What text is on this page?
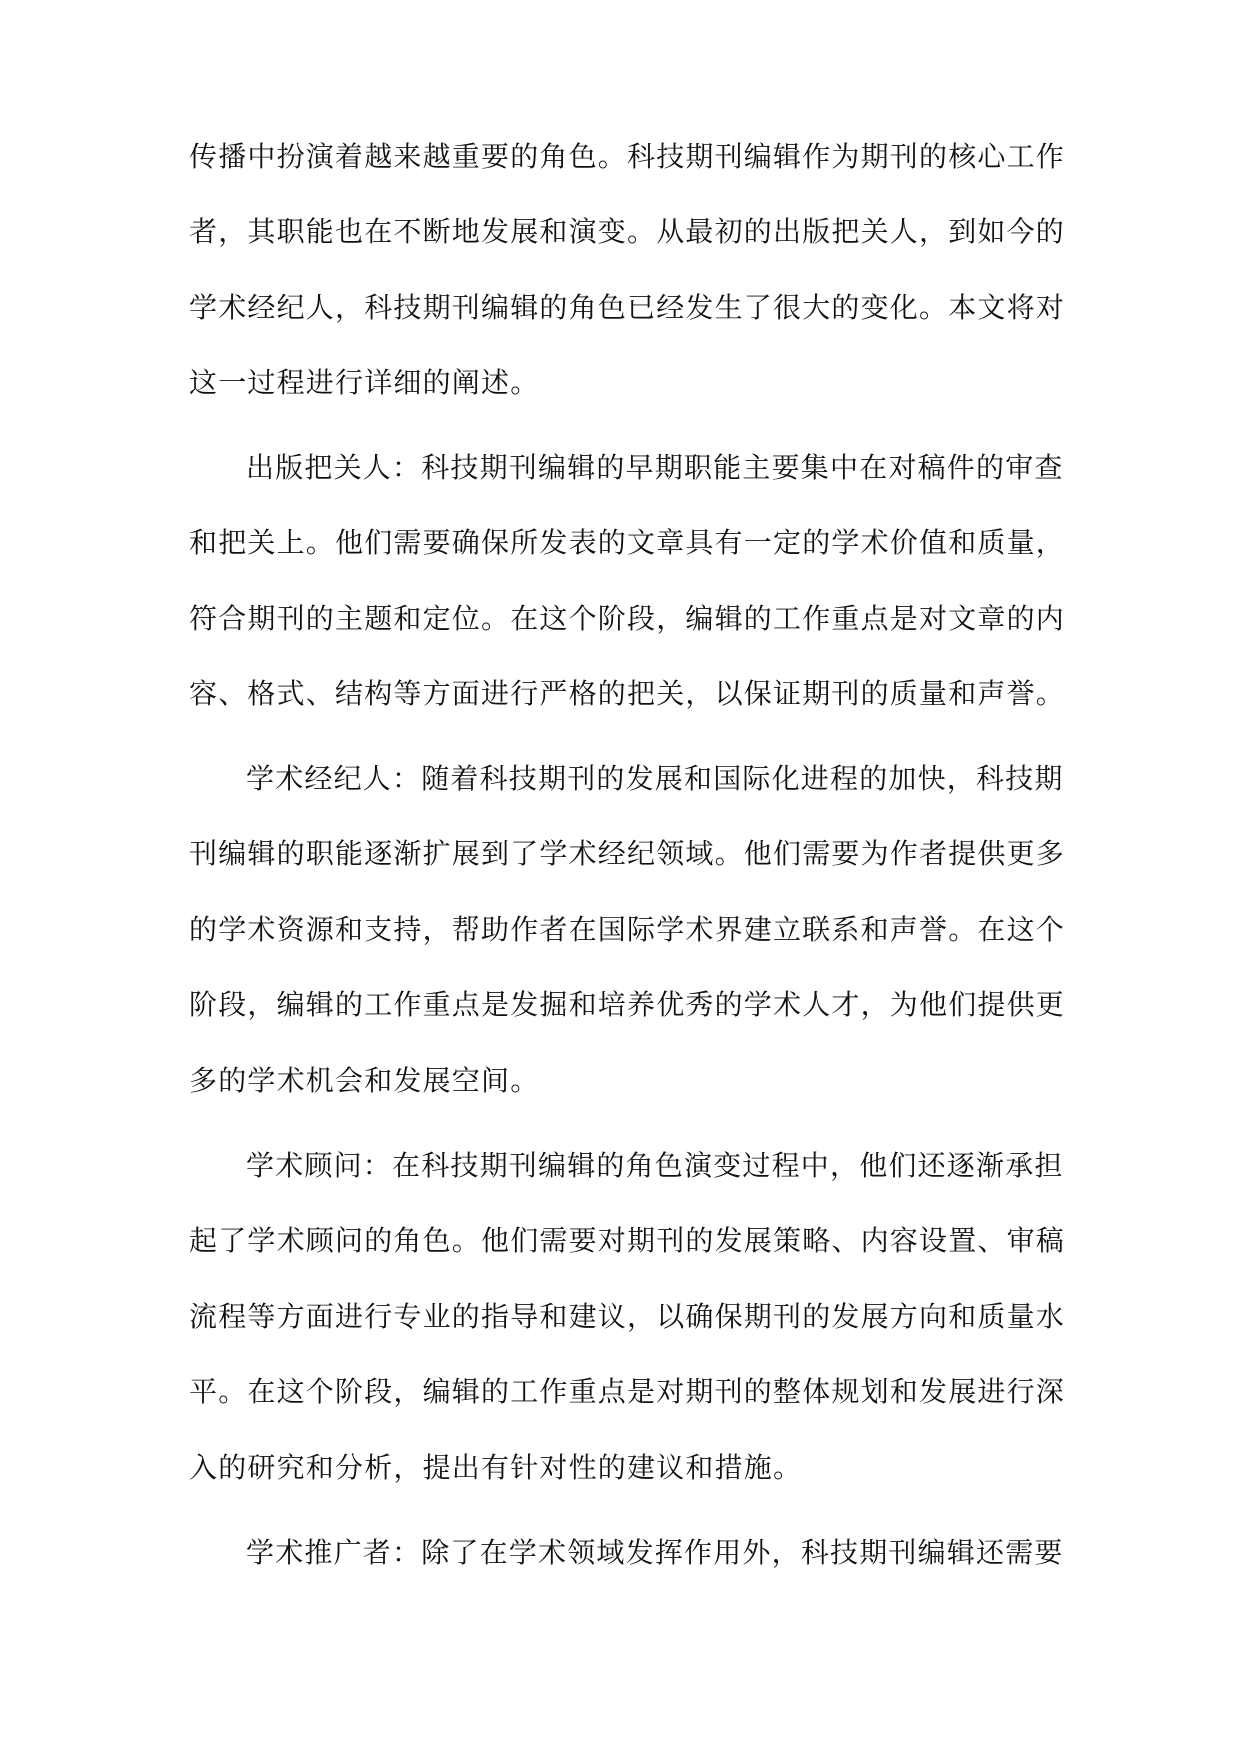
传播中扮演着越来越重要的角色。科技期刊编辑作为期刊的核心工作
者，其职能也在不断地发展和演变。从最初的出版把关人，到如今的
学术经纪人，科技期刊编辑的角色已经发生了很大的变化。本文将对
这一过程进行详细的阐述。
出版把关人：科技期刊编辑的早期职能主要集中在对稿件的审查
和把关上。他们需要确保所发表的文章具有一定的学术价值和质量，
符合期刊的主题和定位。在这个阶段，编辑的工作重点是对文章的内
容、格式、结构等方面进行严格的把关，以保证期刊的质量和声誉。
学术经纪人：随着科技期刊的发展和国际化进程的加快，科技期
刊编辑的职能逐渐扩展到了学术经纪领域。他们需要为作者提供更多
的学术资源和支持，帮助作者在国际学术界建立联系和声誉。在这个
阶段，编辑的工作重点是发掘和培养优秀的学术人才，为他们提供更
多的学术机会和发展空间。
学术顾问：在科技期刊编辑的角色演变过程中，他们还逐渐承担
起了学术顾问的角色。他们需要对期刊的发展策略、内容设置、审稿
流程等方面进行专业的指导和建议，以确保期刊的发展方向和质量水
平。在这个阶段，编辑的工作重点是对期刊的整体规划和发展进行深
入的研究和分析，提出有针对性的建议和措施。
学术推广者：除了在学术领域发挥作用外，科技期刊编辑还需要
